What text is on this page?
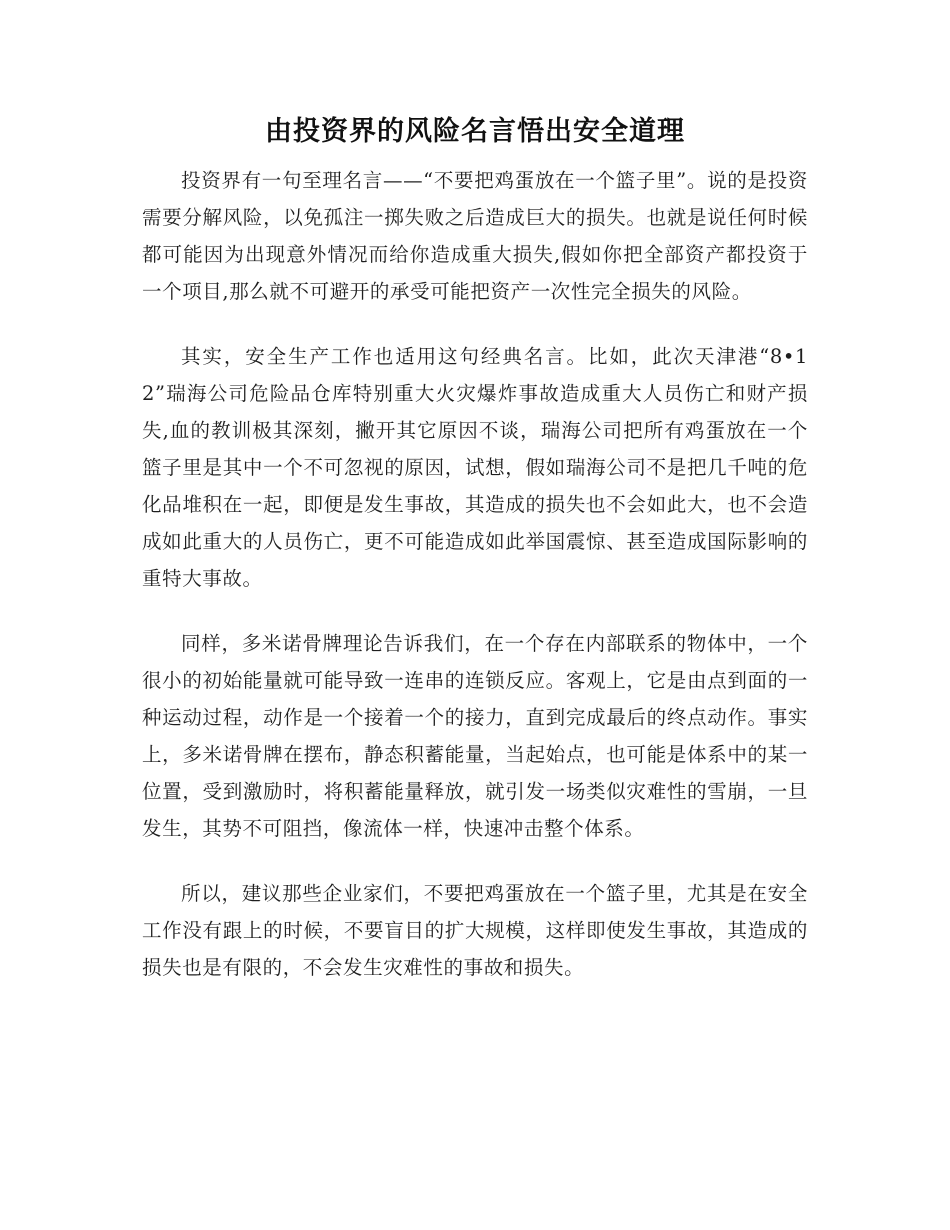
由投资界的风险名言悟出安全道理

投资界有一句至理名言——“不要把鸡蛋放在一个篮子里”。说的是投资需要分解风险，以免孤注一掷失败之后造成巨大的损失。也就是说任何时候都可能因为出现意外情况而给你造成重大损失,假如你把全部资产都投资于一个项目,那么就不可避开的承受可能把资产一次性完全损失的风险。

其实，安全生产工作也适用这句经典名言。比如，此次天津港“8•12”瑞海公司危险品仓库特别重大火灾爆炸事故造成重大人员伤亡和财产损失,血的教训极其深刻，撇开其它原因不谈，瑞海公司把所有鸡蛋放在一个篮子里是其中一个不可忽视的原因，试想，假如瑞海公司不是把几千吨的危化品堆积在一起，即便是发生事故，其造成的损失也不会如此大，也不会造成如此重大的人员伤亡，更不可能造成如此举国震惊、甚至造成国际影响的重特大事故。

同样，多米诺骨牌理论告诉我们，在一个存在内部联系的物体中，一个很小的初始能量就可能导致一连串的连锁反应。客观上，它是由点到面的一种运动过程，动作是一个接着一个的接力，直到完成最后的终点动作。事实上，多米诺骨牌在摆布，静态积蓄能量，当起始点，也可能是体系中的某一位置，受到激励时，将积蓄能量释放，就引发一场类似灾难性的雪崩，一旦发生，其势不可阻挡，像流体一样，快速冲击整个体系。

所以，建议那些企业家们，不要把鸡蛋放在一个篮子里，尤其是在安全工作没有跟上的时候，不要盲目的扩大规模，这样即使发生事故，其造成的损失也是有限的，不会发生灾难性的事故和损失。
